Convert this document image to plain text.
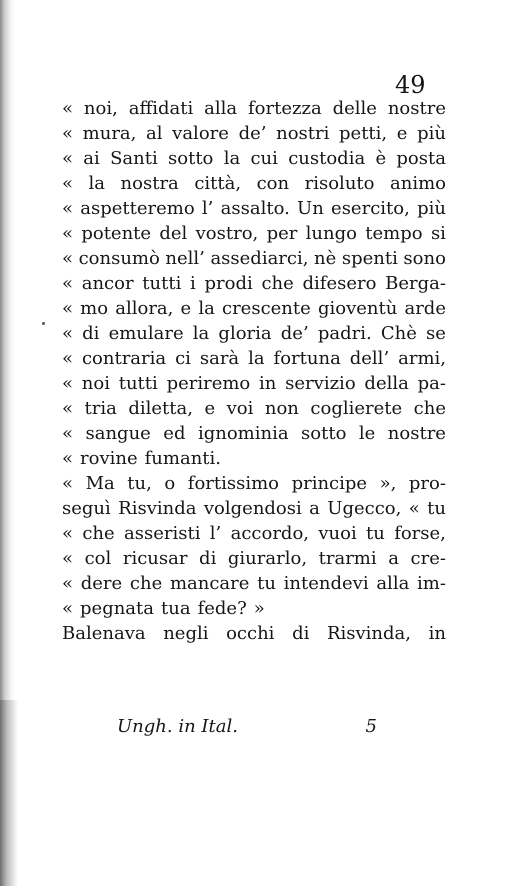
49
« noi, affidati alla fortezza delle nostre
« mura, al valore de’ nostri petti, e più
« ai Santi sotto la cui custodia è posta
« la nostra città, con risoluto animo
« aspetteremo l’ assalto. Un esercito, più
« potente del vostro, per lungo tempo si
« consumò nell’ assediarci, nè spenti sono
« ancor tutti i prodi che difesero Berga-
« mo allora, e la crescente gioventù arde
« di emulare la gloria de’ padri. Chè se
« contraria ci sarà la fortuna dell’ armi,
« noi tutti periremo in servizio della pa-
« tria diletta, e voi non coglierete che
« sangue ed ignominia sotto le nostre
« rovine fumanti.
« Ma tu, o fortissimo principe », pro-
seguì Risvinda volgendosi a Ugecco, « tu
« che asseristi l’ accordo, vuoi tu forse,
« col ricusar di giurarlo, trarmi a cre-
« dere che mancare tu intendevi alla im-
« pegnata tua fede? »
Balenava negli occhi di Risvinda, in
Ungh. in Ital.	5
